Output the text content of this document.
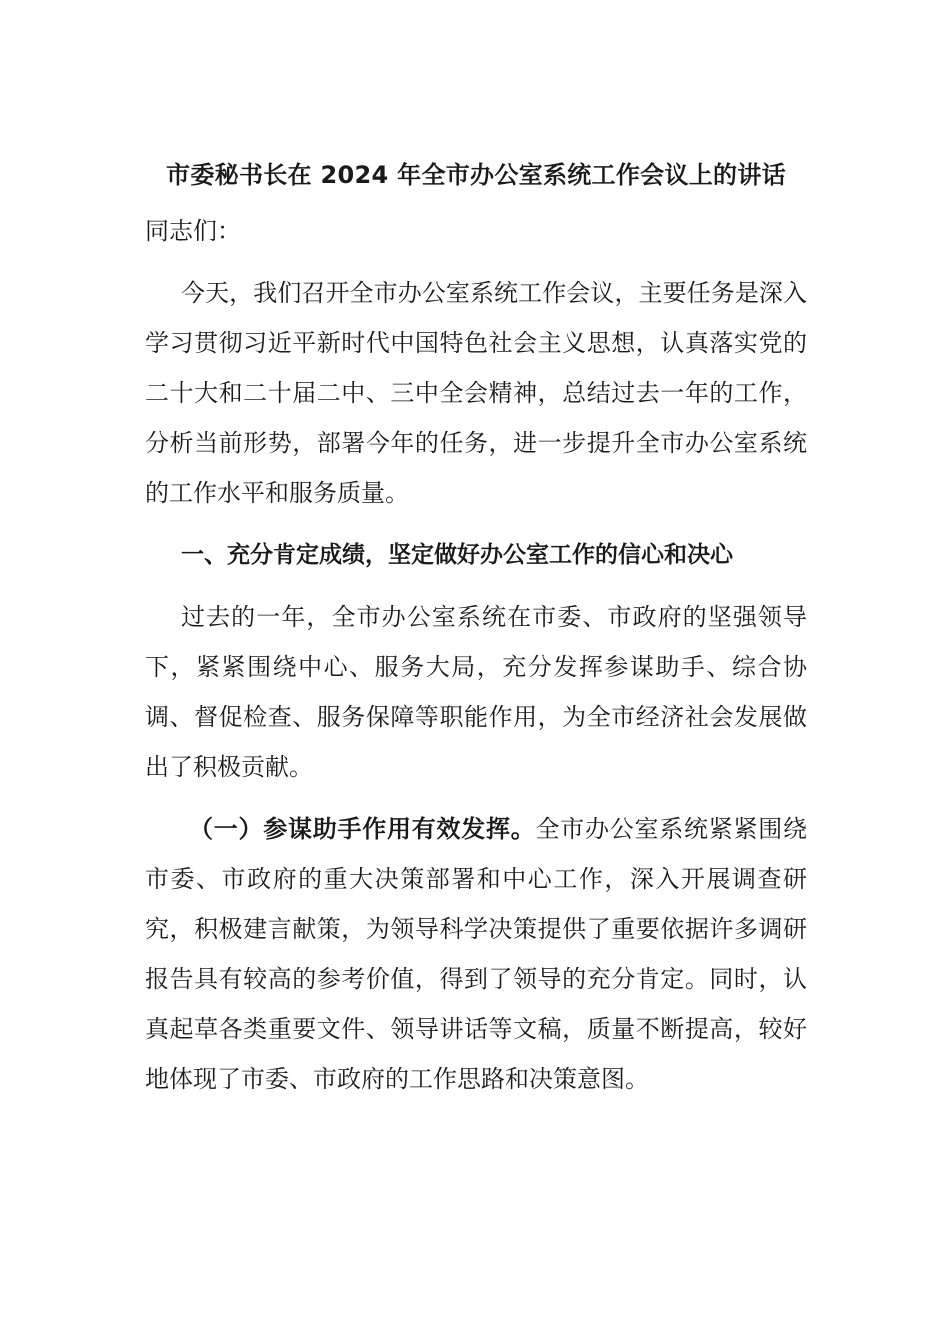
市委秘书长在 2024 年全市办公室系统工作会议上的讲话

同志们：

今天，我们召开全市办公室系统工作会议，主要任务是深入学习贯彻习近平新时代中国特色社会主义思想，认真落实党的二十大和二十届二中、三中全会精神，总结过去一年的工作，分析当前形势，部署今年的任务，进一步提升全市办公室系统的工作水平和服务质量。

一、充分肯定成绩，坚定做好办公室工作的信心和决心

过去的一年，全市办公室系统在市委、市政府的坚强领导下，紧紧围绕中心、服务大局，充分发挥参谋助手、综合协调、督促检查、服务保障等职能作用，为全市经济社会发展做出了积极贡献。

（一）参谋助手作用有效发挥。全市办公室系统紧紧围绕市委、市政府的重大决策部署和中心工作，深入开展调查研究，积极建言献策，为领导科学决策提供了重要依据许多调研报告具有较高的参考价值，得到了领导的充分肯定。同时，认真起草各类重要文件、领导讲话等文稿，质量不断提高，较好地体现了市委、市政府的工作思路和决策意图。
